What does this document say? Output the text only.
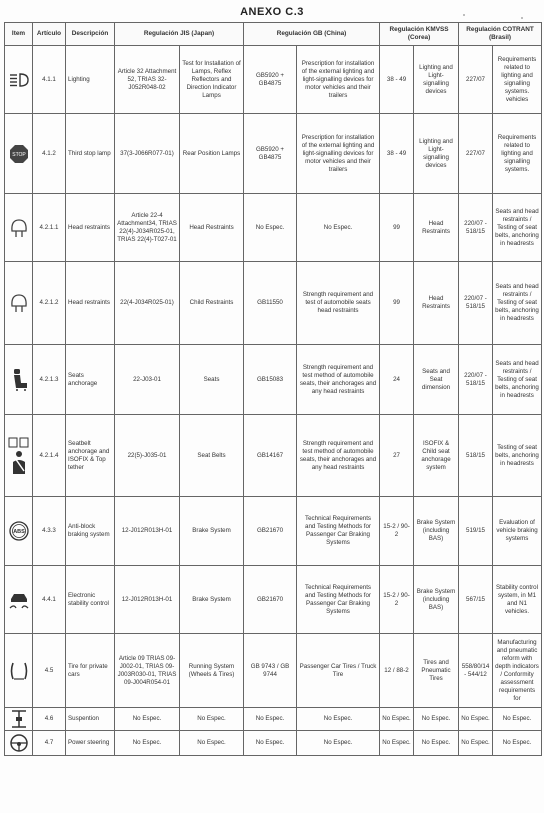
ANEXO C.3
Item	Artículo	Descripción	Regulación JIS (Japan)		Regulación GB (China)		Regulación KMVSS (Corea)		Regulación COTRANT (Brasil)	

	4.1.1	Lighting	Article 32 Attachment 52, TRIAS 32-J052R048-02	Test for Installation of Lamps, Reflex Reflectors and Direction Indicator Lamps	GB5920 + GB4875	Prescription for installation of the external lighting and light-signalling devices for motor vehicles and their trailers	38 - 49	Lighting and Light-signalling devices	227/07	Requirements related to lighting and signalling systems. vehicles

STOP	4.1.2	Third stop lamp	37(3-J066R077-01)	Rear Position Lamps	GB5920 + GB4875	Prescription for installation of the external lighting and light-signalling devices for motor vehicles and their trailers	38 - 49	Lighting and Light-signalling devices	227/07	Requirements related to lighting and signalling systems.

	4.2.1.1	Head restraints	Article 22-4 Attachment34, TRIAS 22(4)-J034R025-01, TRIAS 22(4)-T027-01	Head Restraints	No Espec.	No Espec.	99	Head Restraints	220/07 - 518/15	Seats and head restraints / Testing of seat belts, anchoring in headrests

	4.2.1.2	Head restraints	22(4-J034R025-01)	Child Restraints	GB11550	Strength requirement and test of automobile seats head restraints	99	Head Restraints	220/07 - 518/15	Seats and head restraints / Testing of seat belts, anchoring in headrests

	4.2.1.3	Seats anchorage	22-J03-01	Seats	GB15083	Strength requirement and test method of automobile seats, their anchorages and any head restraints	24	Seats and Seat dimension	220/07 - 518/15	Seats and head restraints / Testing of seat belts, anchoring in headrests

	4.2.1.4	Seatbelt anchorage and ISOFIX & Top tether	22(5)-J035-01	Seat Belts	GB14167	Strength requirement and test method of automobile seats, their anchorages and any head restraints	27	ISOFIX & Child seat anchorage system	518/15	Testing of seat belts, anchoring in headrests

ABS	4.3.3	Anti-block braking system	12-J012R013H-01	Brake System	GB21670	Technical Requirements and Testing Methods for Passenger Car Braking Systems	15-2 / 90-2	Brake System (including BAS)	519/15	Evaluation of vehicle braking systems

	4.4.1	Electronic stability control	12-J012R013H-01	Brake System	GB21670	Technical Requirements and Testing Methods for Passenger Car Braking Systems	15-2 / 90-2	Brake System (including BAS)	567/15	Stability control system, in M1 and N1 vehicles.

	4.5	Tire for private cars	Article 09 TRIAS 09-J002-01, TRIAS 09-J003R030-01, TRIAS 09-J004R054-01	Running System (Wheels & Tires)	GB 9743 / GB 9744	Passenger Car Tires / Truck Tire	12 / 88-2	Tires and Pneumatic Tires	558/80/14 - 544/12	Manufacturing and pneumatic reform with depth indicators / Conformity assessment requirements for

	4.6	Suspention	No Espec.	No Espec.	No Espec.	No Espec.	No Espec.	No Espec.	No Espec.	No Espec.

	4.7	Power steering	No Espec.	No Espec.	No Espec.	No Espec.	No Espec.	No Espec.	No Espec.	No Espec.
